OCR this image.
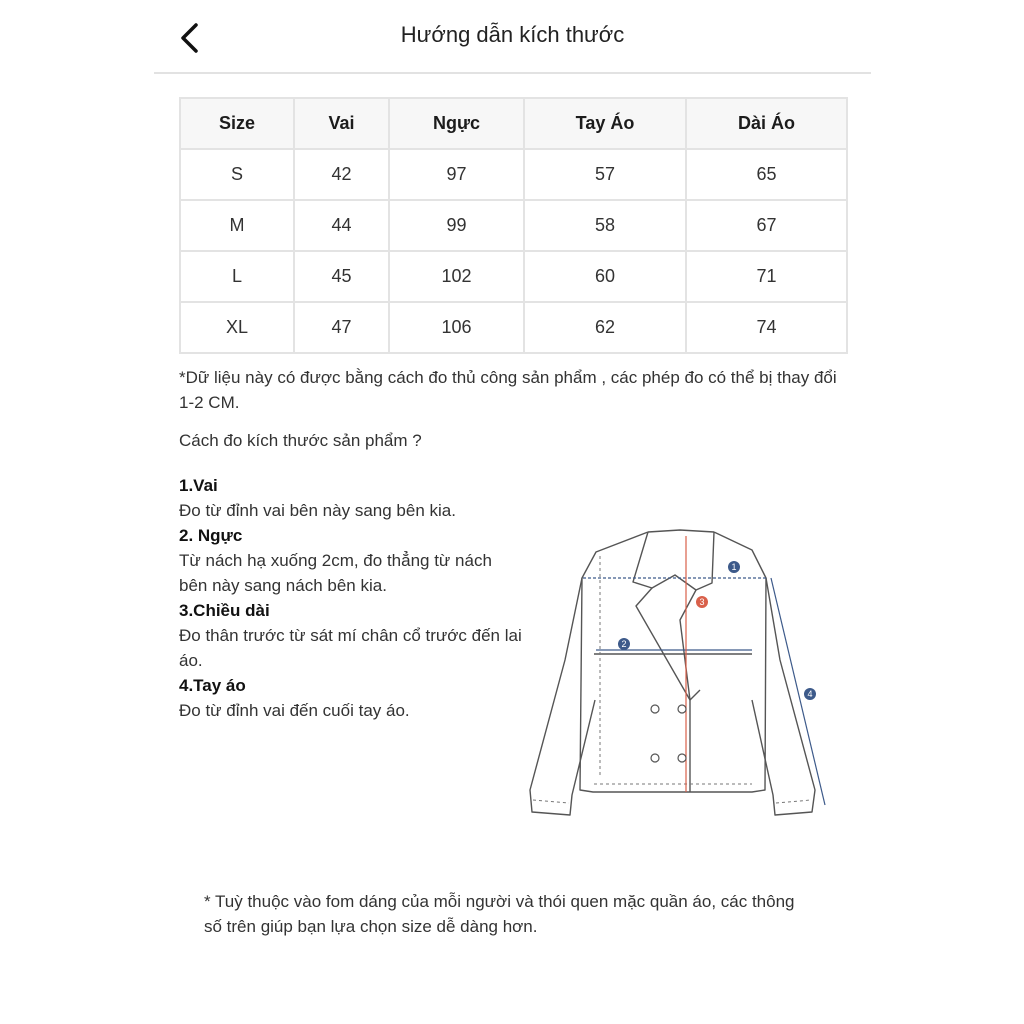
Hướng dẫn kích thước
Size	Vai	Ngực	Tay Áo	Dài Áo
S	42	97	57	65
M	44	99	58	67
L	45	102	60	71
XL	47	106	62	74
*Dữ liệu này có được bằng cách đo thủ công sản phẩm , các phép đo có thể bị thay đổi 1-2 CM.
Cách đo kích thước sản phẩm ?
1.Vai
Đo từ đỉnh vai bên này sang bên kia.
2. Ngực
Từ nách hạ xuống 2cm, đo thẳng từ nách bên này sang nách bên kia.
3.Chiều dài
Đo thân trước từ sát mí chân cổ trước đến lai áo.
4.Tay áo
Đo từ đỉnh vai đến cuối tay áo.
1
2
3
4
* Tuỳ thuộc vào fom dáng của mỗi người và thói quen mặc quần áo, các thông số trên giúp bạn lựa chọn size dễ dàng hơn.
